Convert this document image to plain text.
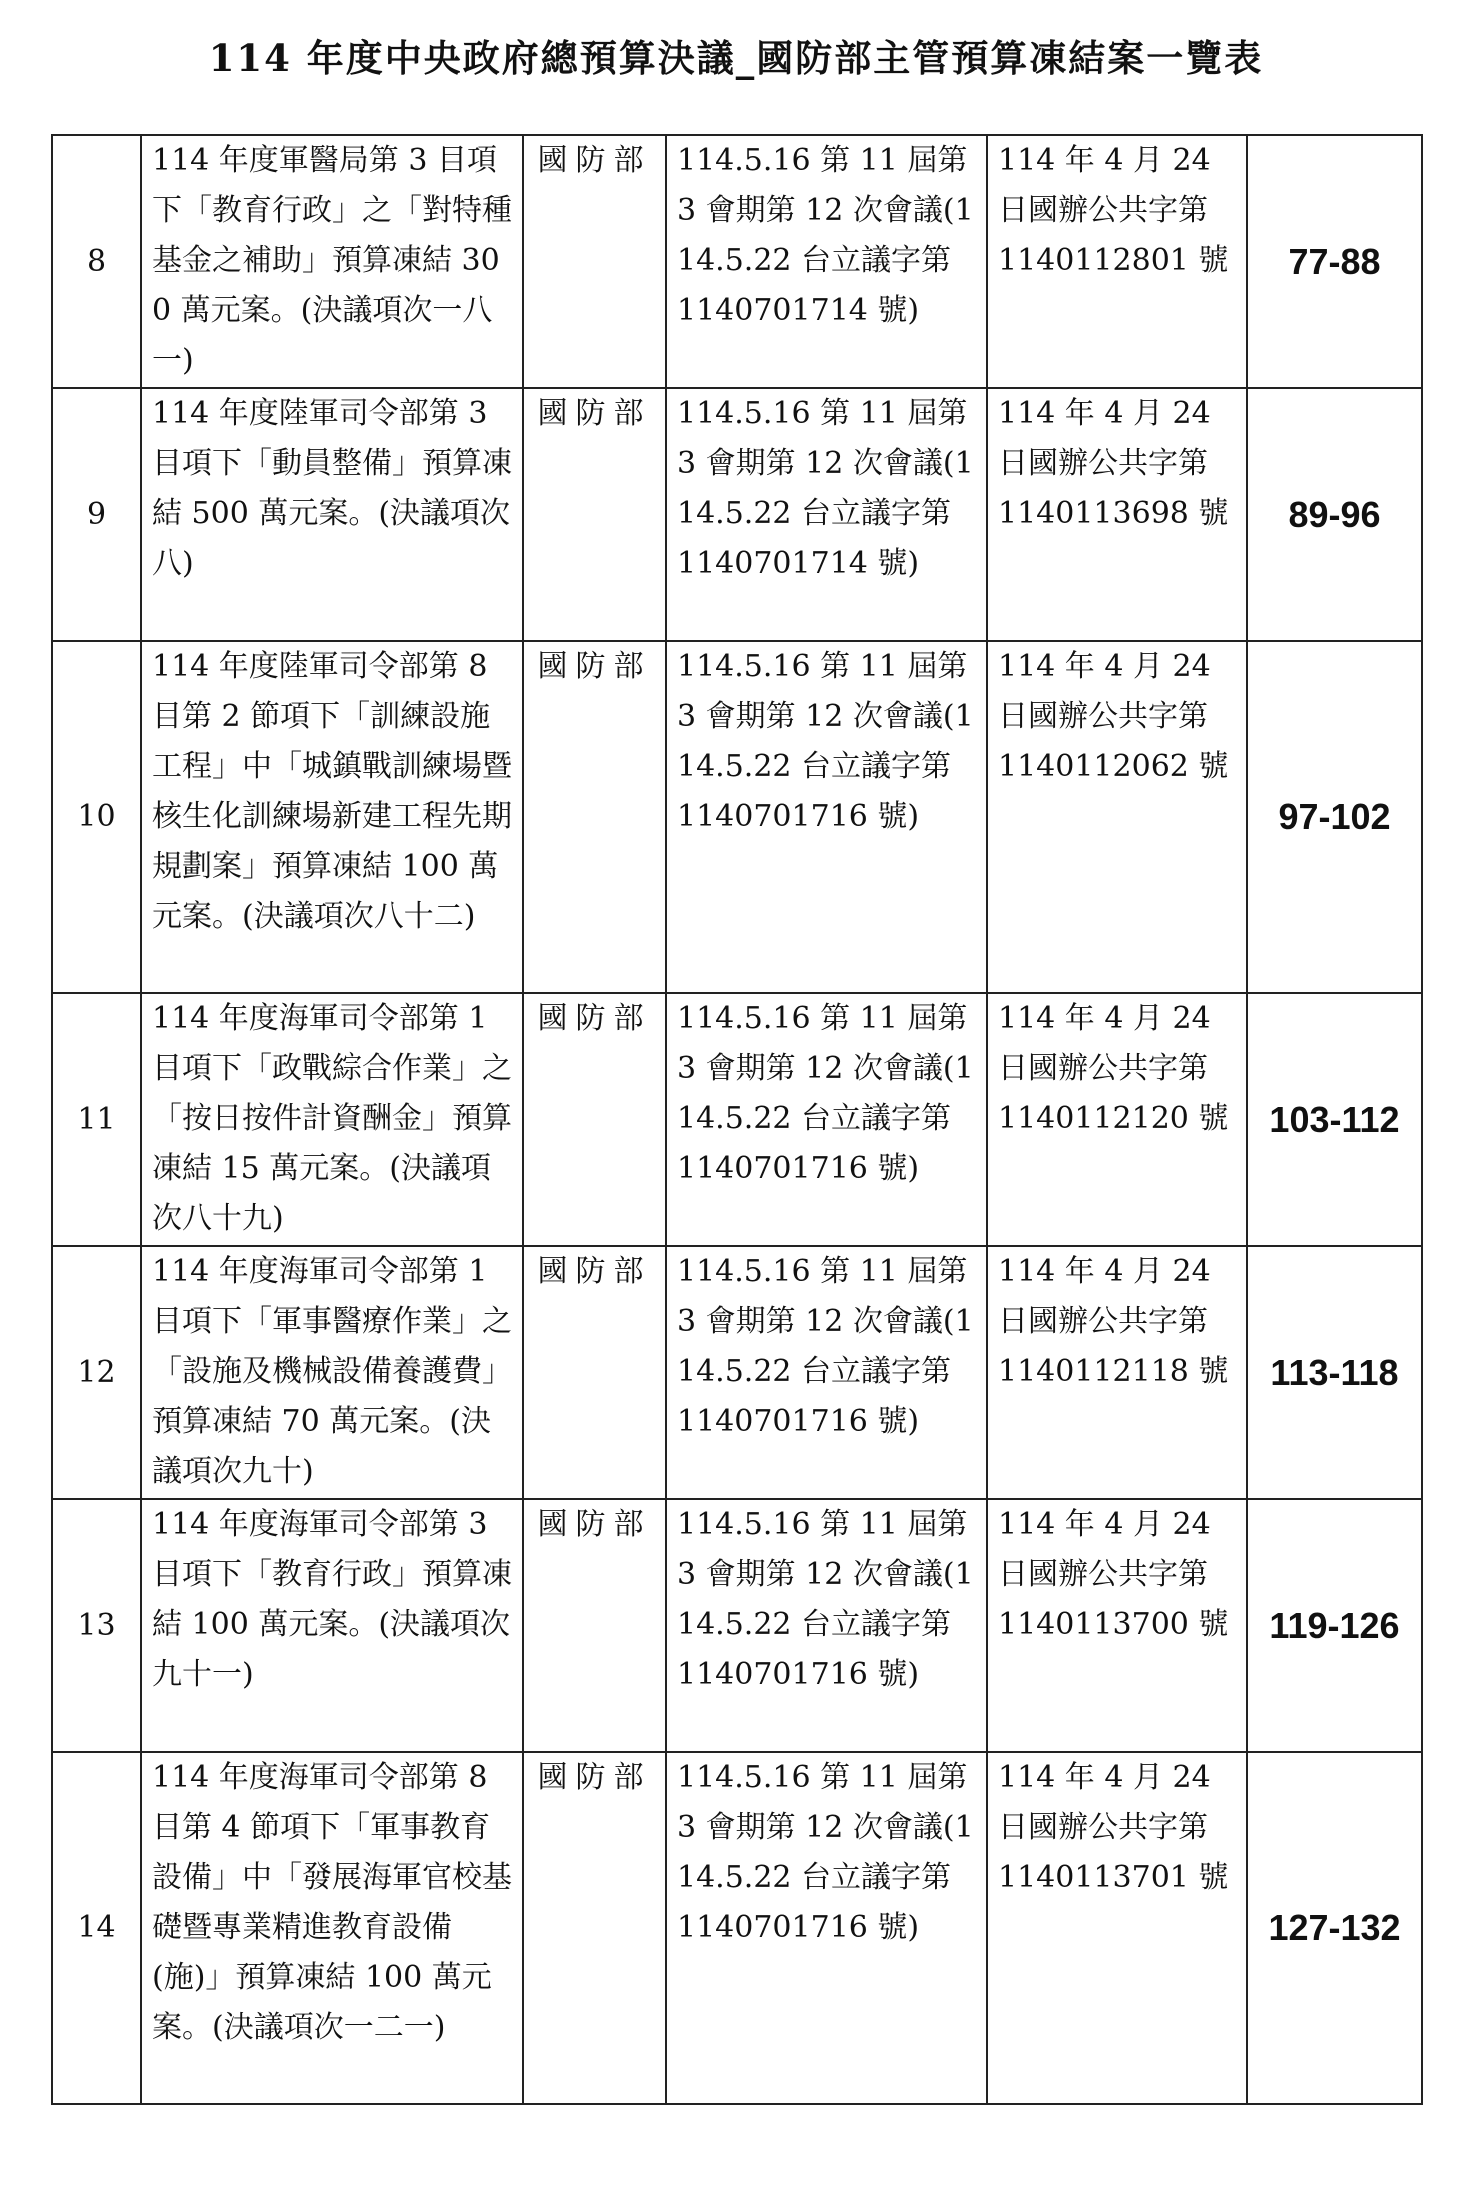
114 年度中央政府總預算決議_國防部主管預算凍結案一覽表
8	114 年度軍醫局第 3 目項下「教育行政」之「對特種基金之補助」預算凍結 300 萬元案。(決議項次一八一)	國防部	114.5.16 第 11 屆第 3 會期第 12 次會議(114.5.22 台立議字第 1140701714 號)	114 年 4 月 24 日國辦公共字第 1140112801 號	77-88
9	114 年度陸軍司令部第 3 目項下「動員整備」預算凍結 500 萬元案。(決議項次八)	國防部	114.5.16 第 11 屆第 3 會期第 12 次會議(114.5.22 台立議字第 1140701714 號)	114 年 4 月 24 日國辦公共字第 1140113698 號	89-96
10	114 年度陸軍司令部第 8 目第 2 節項下「訓練設施工程」中「城鎮戰訓練場暨核生化訓練場新建工程先期規劃案」預算凍結 100 萬元案。(決議項次八十二)	國防部	114.5.16 第 11 屆第 3 會期第 12 次會議(114.5.22 台立議字第 1140701716 號)	114 年 4 月 24 日國辦公共字第 1140112062 號	97-102
11	114 年度海軍司令部第 1 目項下「政戰綜合作業」之「按日按件計資酬金」預算凍結 15 萬元案。(決議項次八十九)	國防部	114.5.16 第 11 屆第 3 會期第 12 次會議(114.5.22 台立議字第 1140701716 號)	114 年 4 月 24 日國辦公共字第 1140112120 號	103-112
12	114 年度海軍司令部第 1 目項下「軍事醫療作業」之「設施及機械設備養護費」預算凍結 70 萬元案。(決議項次九十)	國防部	114.5.16 第 11 屆第 3 會期第 12 次會議(114.5.22 台立議字第 1140701716 號)	114 年 4 月 24 日國辦公共字第 1140112118 號	113-118
13	114 年度海軍司令部第 3 目項下「教育行政」預算凍結 100 萬元案。(決議項次九十一)	國防部	114.5.16 第 11 屆第 3 會期第 12 次會議(114.5.22 台立議字第 1140701716 號)	114 年 4 月 24 日國辦公共字第 1140113700 號	119-126
14	114 年度海軍司令部第 8 目第 4 節項下「軍事教育設備」中「發展海軍官校基礎暨專業精進教育設備(施)」預算凍結 100 萬元案。(決議項次一二一)	國防部	114.5.16 第 11 屆第 3 會期第 12 次會議(114.5.22 台立議字第 1140701716 號)	114 年 4 月 24 日國辦公共字第 1140113701 號	127-132
